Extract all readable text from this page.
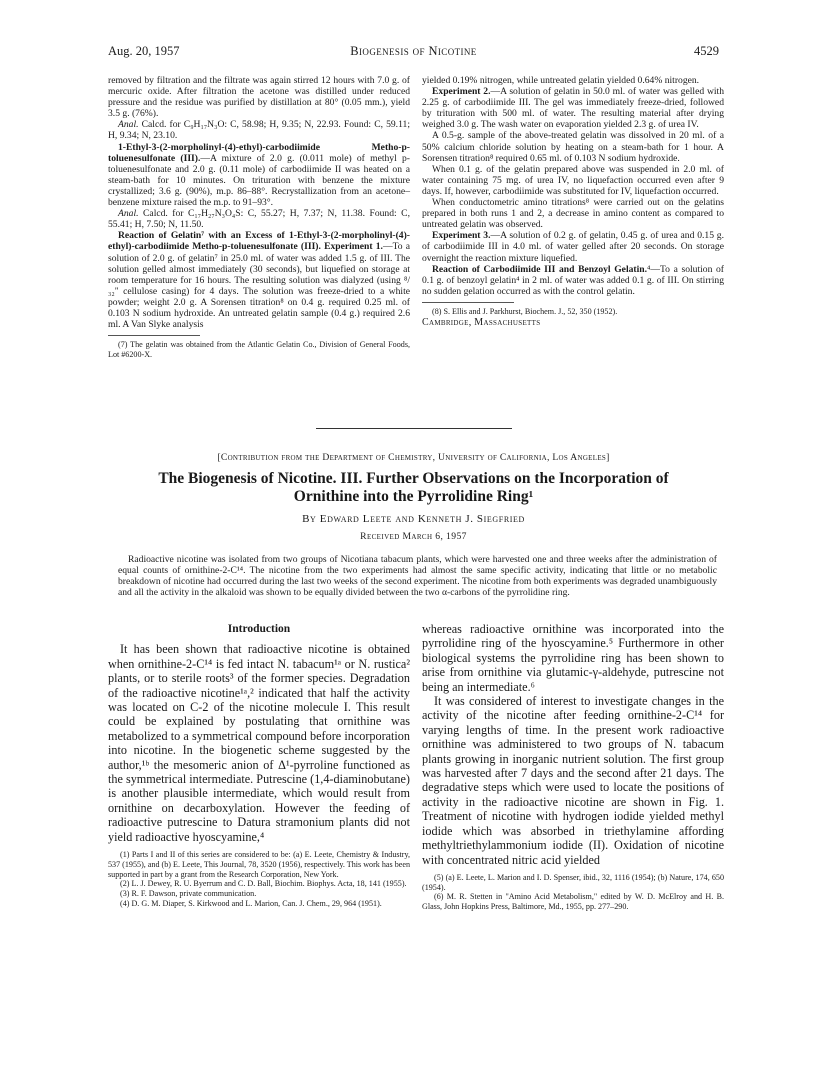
Aug. 20, 1957	Biogenesis of Nicotine	4529

removed by filtration and the filtrate was again stirred 12 hours with 7.0 g. of mercuric oxide. After filtration the acetone was distilled under reduced pressure and the residue was purified by distillation at 80° (0.05 mm.), yield 3.5 g. (76%).

Anal. Calcd. for C₉H₁₇N₃O: C, 58.98; H, 9.35; N, 22.93. Found: C, 59.11; H, 9.34; N, 23.10.

1-Ethyl-3-(2-morpholinyl-(4)-ethyl)-carbodiimide Metho-p-toluenesulfonate (III).—A mixture of 2.0 g. (0.011 mole) of methyl p-toluenesulfonate and 2.0 g. (0.11 mole) of carbodiimide II was heated on a steam-bath for 10 minutes. On trituration with benzene the mixture crystallized; 3.6 g. (90%), m.p. 86–88°. Recrystallization from an acetone–benzene mixture raised the m.p. to 91–93°.

Anal. Calcd. for C₁₇H₂₇N₃O₄S: C, 55.27; H, 7.37; N, 11.38. Found: C, 55.41; H, 7.50; N, 11.50.

Reaction of Gelatin⁷ with an Excess of 1-Ethyl-3-(2-morpholinyl-(4)-ethyl)-carbodiimide Metho-p-toluenesulfonate (III). Experiment 1.—To a solution of 2.0 g. of gelatin⁷ in 25.0 ml. of water was added 1.5 g. of III. The solution gelled almost immediately (30 seconds), but liquefied on storage at room temperature for 16 hours. The resulting solution was dialyzed (using ⁸/₃₂" cellulose casing) for 4 days. The solution was freeze-dried to a white powder; weight 2.0 g. A Sorensen titration⁸ on 0.4 g. required 0.25 ml. of 0.103 N sodium hydroxide. An untreated gelatin sample (0.4 g.) required 2.6 ml. A Van Slyke analysis

(7) The gelatin was obtained from the Atlantic Gelatin Co., Division of General Foods, Lot #6200-X.

yielded 0.19% nitrogen, while untreated gelatin yielded 0.64% nitrogen.

Experiment 2.—A solution of gelatin in 50.0 ml. of water was gelled with 2.25 g. of carbodiimide III. The gel was immediately freeze-dried, followed by trituration with 500 ml. of water. The resulting material after drying weighed 3.0 g. The wash water on evaporation yielded 2.3 g. of urea IV.

A 0.5-g. sample of the above-treated gelatin was dissolved in 20 ml. of a 50% calcium chloride solution by heating on a steam-bath for 1 hour. A Sorensen titration⁸ required 0.65 ml. of 0.103 N sodium hydroxide.

When 0.1 g. of the gelatin prepared above was suspended in 2.0 ml. of water containing 75 mg. of urea IV, no liquefaction occurred even after 9 days. If, however, carbodiimide was substituted for IV, liquefaction occurred.

When conductometric amino titrations⁸ were carried out on the gelatins prepared in both runs 1 and 2, a decrease in amino content as compared to untreated gelatin was observed.

Experiment 3.—A solution of 0.2 g. of gelatin, 0.45 g. of urea and 0.15 g. of carbodiimide III in 4.0 ml. of water gelled after 20 seconds. On storage overnight the reaction mixture liquefied.

Reaction of Carbodiimide III and Benzoyl Gelatin.⁴—To a solution of 0.1 g. of benzoyl gelatin⁴ in 2 ml. of water was added 0.1 g. of III. On stirring no sudden gelation occurred as with the control gelatin.

(8) S. Ellis and J. Parkhurst, Biochem. J., 52, 350 (1952).

Cambridge, Massachusetts

[Contribution from the Department of Chemistry, University of California, Los Angeles]
The Biogenesis of Nicotine. III. Further Observations on the Incorporation of
Ornithine into the Pyrrolidine Ring¹
By Edward Leete and Kenneth J. Siegfried
Received March 6, 1957
Radioactive nicotine was isolated from two groups of Nicotiana tabacum plants, which were harvested one and three weeks after the administration of equal counts of ornithine-2-C¹⁴. The nicotine from the two experiments had almost the same specific activity, indicating that little or no metabolic breakdown of nicotine had occurred during the last two weeks of the second experiment. The nicotine from both experiments was degraded unambiguously and all the activity in the alkaloid was shown to be equally divided between the two α-carbons of the pyrrolidine ring.
Introduction

It has been shown that radioactive nicotine is obtained when ornithine-2-C¹⁴ is fed intact N. tabacum¹ᵃ or N. rustica² plants, or to sterile roots³ of the former species. Degradation of the radioactive nicotine¹ᵃ,² indicated that half the activity was located on C-2 of the nicotine molecule I. This result could be explained by postulating that ornithine was metabolized to a symmetrical compound before incorporation into nicotine. In the biogenetic scheme suggested by the author,¹ᵇ the mesomeric anion of Δ¹-pyrroline functioned as the symmetrical intermediate. Putrescine (1,4-diaminobutane) is another plausible intermediate, which would result from ornithine on decarboxylation. However the feeding of radioactive putrescine to Datura stramonium plants did not yield radioactive hyoscyamine,⁴

(1) Parts I and II of this series are considered to be: (a) E. Leete, Chemistry & Industry, 537 (1955), and (b) E. Leete, This Journal, 78, 3520 (1956), respectively. This work has been supported in part by a grant from the Research Corporation, New York.

(2) L. J. Dewey, R. U. Byerrum and C. D. Ball, Biochim. Biophys. Acta, 18, 141 (1955).

(3) R. F. Dawson, private communication.

(4) D. G. M. Diaper, S. Kirkwood and L. Marion, Can. J. Chem., 29, 964 (1951).

whereas radioactive ornithine was incorporated into the pyrrolidine ring of the hyoscyamine.⁵ Furthermore in other biological systems the pyrrolidine ring has been shown to arise from ornithine via glutamic-γ-aldehyde, putrescine not being an intermediate.⁶

It was considered of interest to investigate changes in the activity of the nicotine after feeding ornithine-2-C¹⁴ for varying lengths of time. In the present work radioactive ornithine was administered to two groups of N. tabacum plants growing in inorganic nutrient solution. The first group was harvested after 7 days and the second after 21 days. The degradative steps which were used to locate the positions of activity in the radioactive nicotine are shown in Fig. 1. Treatment of nicotine with hydrogen iodide yielded methyl iodide which was absorbed in triethylamine affording methyltriethylammonium iodide (II). Oxidation of nicotine with concentrated nitric acid yielded

(5) (a) E. Leete, L. Marion and I. D. Spenser, ibid., 32, 1116 (1954); (b) Nature, 174, 650 (1954).

(6) M. R. Stetten in "Amino Acid Metabolism," edited by W. D. McElroy and H. B. Glass, John Hopkins Press, Baltimore, Md., 1955, pp. 277–290.
